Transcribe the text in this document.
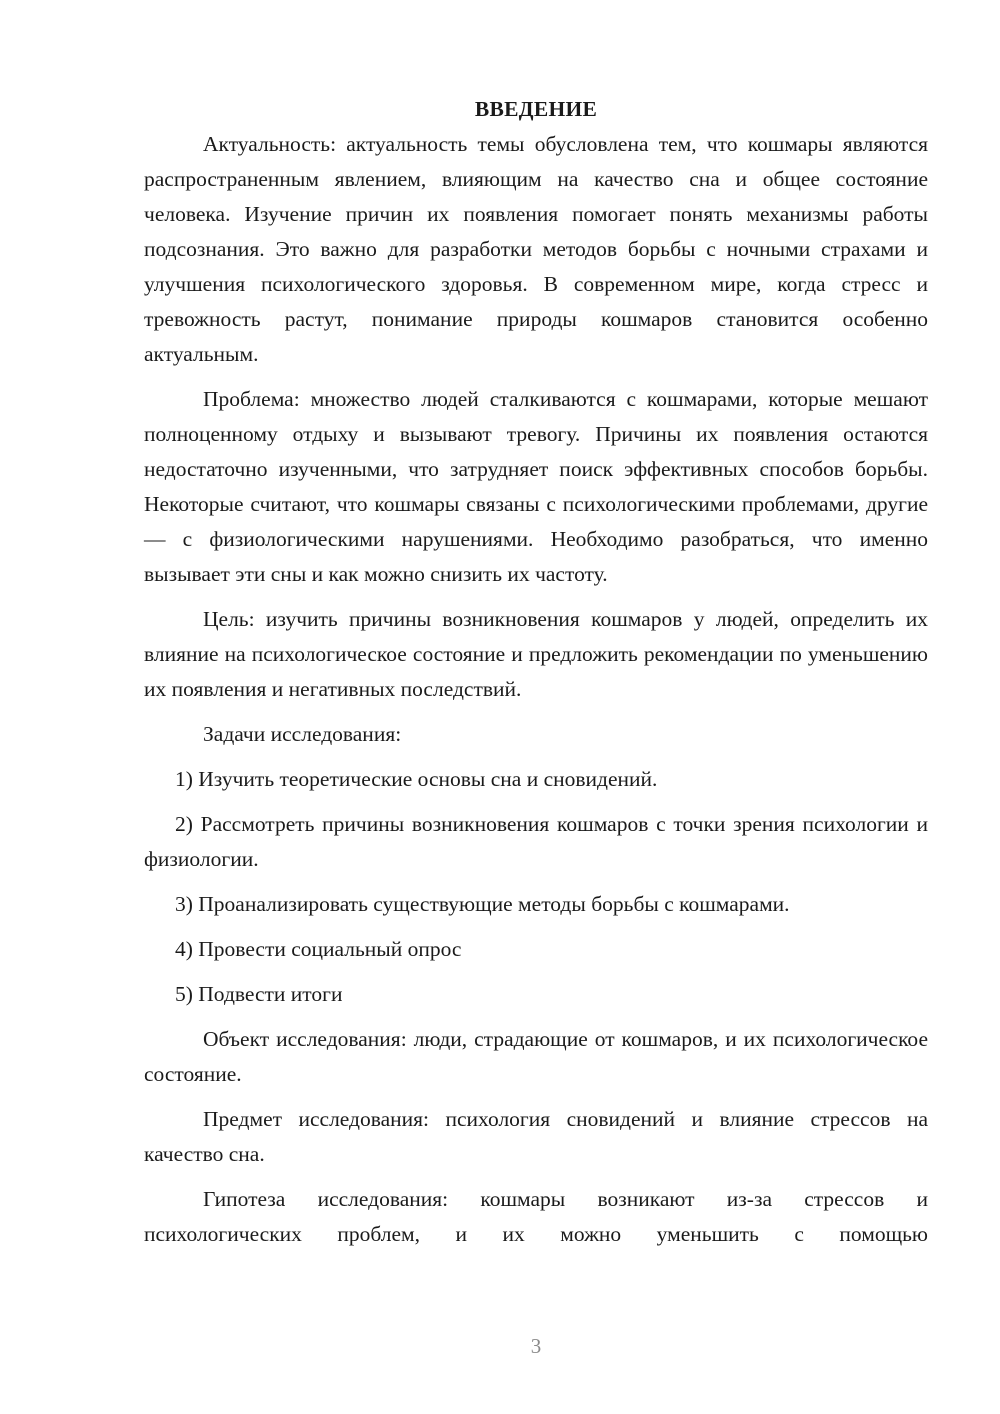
ВВЕДЕНИЕ

Актуальность: актуальность темы обусловлена тем, что кошмары являются распространенным явлением, влияющим на качество сна и общее состояние человека. Изучение причин их появления помогает понять механизмы работы подсознания. Это важно для разработки методов борьбы с ночными страхами и улучшения психологического здоровья. В современном мире, когда стресс и тревожность растут, понимание природы кошмаров становится особенно актуальным.

Проблема: множество людей сталкиваются с кошмарами, которые мешают полноценному отдыху и вызывают тревогу. Причины их появления остаются недостаточно изученными, что затрудняет поиск эффективных способов борьбы. Некоторые считают, что кошмары связаны с психологическими проблемами, другие — с физиологическими нарушениями. Необходимо разобраться, что именно вызывает эти сны и как можно снизить их частоту.

Цель: изучить причины возникновения кошмаров у людей, определить их влияние на психологическое состояние и предложить рекомендации по уменьшению их появления и негативных последствий.

Задачи исследования:

1) Изучить теоретические основы сна и сновидений.

2) Рассмотреть причины возникновения кошмаров с точки зрения психологии и физиологии.

3) Проанализировать существующие методы борьбы с кошмарами.

4) Провести социальный опрос

5) Подвести итоги

Объект исследования: люди, страдающие от кошмаров, и их психологическое состояние.

Предмет исследования: психология сновидений и влияние стрессов на качество сна.

Гипотеза исследования: кошмары возникают из-за стрессов и психологических проблем, и их можно уменьшить с помощью

3
